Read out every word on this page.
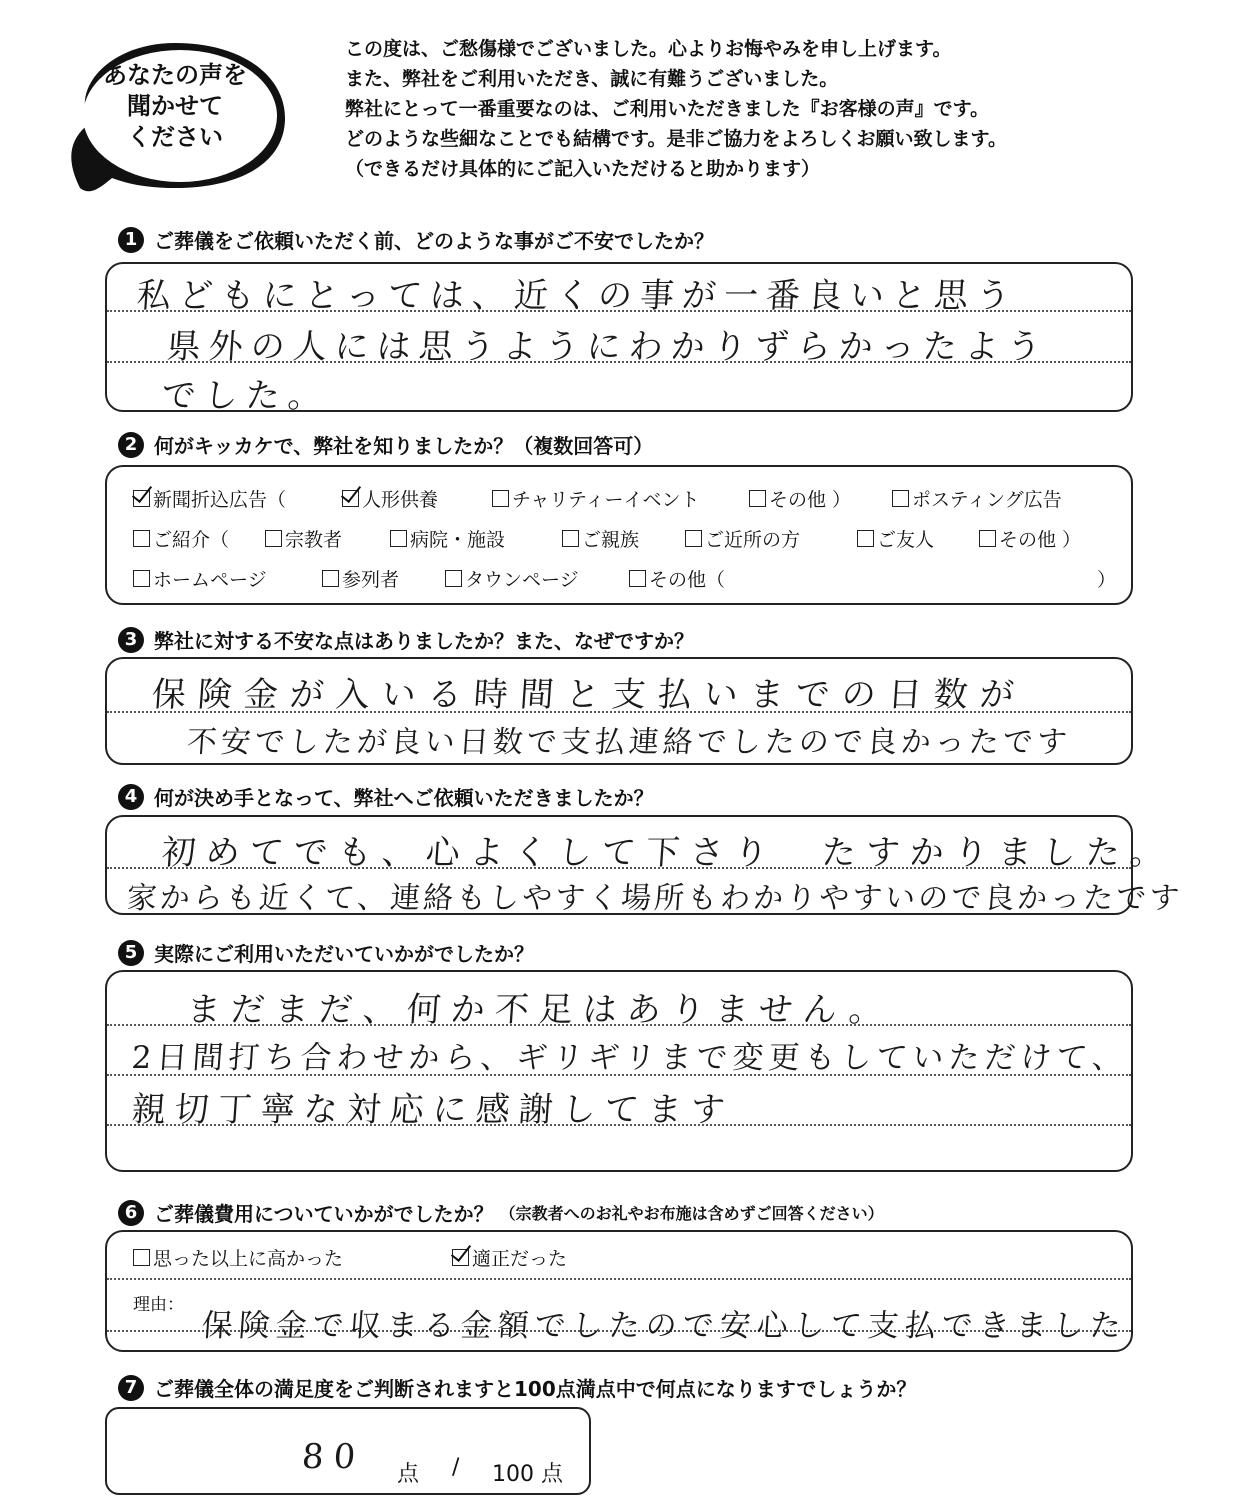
あなたの声を
聞かせて
ください
この度は、ご愁傷様でございました。心よりお悔やみを申し上げます。
また、弊社をご利用いただき、誠に有難うございました。
弊社にとって一番重要なのは、ご利用いただきました『お客様の声』です。
どのような些細なことでも結構です。是非ご協力をよろしくお願い致します。
（できるだけ具体的にご記入いただけると助かります）
1 ご葬儀をご依頼いただく前、どのような事がご不安でしたか？
私どもにとっては、近くの事が一番良いと思う
県外の人には思うようにわかりずらかったよう
でした。
2 何がキッカケで、弊社を知りましたか？（複数回答可）
新聞折込広告（	人形供養	チャリティーイベント	その他 ）	ポスティング広告
ご紹介（	宗教者	病院・施設	ご親族	ご近所の方	ご友人	その他 ）
ホームページ	参列者	タウンページ	その他（	）
3 弊社に対する不安な点はありましたか？また、なぜですか？
保険金が入いる時間と支払いまでの日数が
不安でしたが良い日数で支払連絡でしたので良かったです
4 何が決め手となって、弊社へご依頼いただきましたか？
初めてでも、心よくして下さり　たすかりました。
家からも近くて、連絡もしやすく場所もわかりやすいので良かったです
5 実際にご利用いただいていかがでしたか？
まだまだ、何か不足はありません。
2日間打ち合わせから、ギリギリまで変更もしていただけて、
親切丁寧な対応に感謝してます
6 ご葬儀費用についていかがでしたか？ （宗教者へのお礼やお布施は含めずご回答ください）
思った以上に高かった	適正だった
理由：
保険金で収まる金額でしたので安心して支払できました
7 ご葬儀全体の満足度をご判断されますと100点満点中で何点になりますでしょうか？
80 点 / 100 点
